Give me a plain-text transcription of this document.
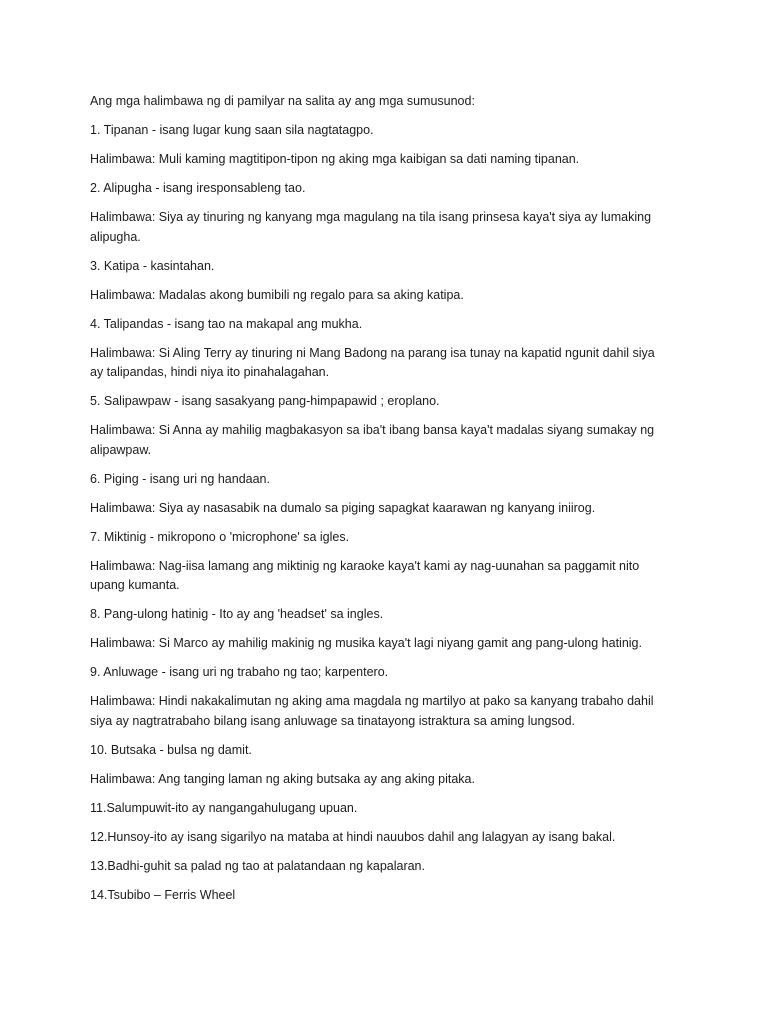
Ang mga halimbawa ng di pamilyar na salita ay ang mga sumusunod:

1. Tipanan - isang lugar kung saan sila nagtatagpo.

Halimbawa: Muli kaming magtitipon-tipon ng aking mga kaibigan sa dati naming tipanan.

2. Alipugha - isang iresponsableng tao.

Halimbawa: Siya ay tinuring ng kanyang mga magulang na tila isang prinsesa kaya't siya ay lumaking alipugha.

3. Katipa - kasintahan.

Halimbawa: Madalas akong bumibili ng regalo para sa aking katipa.

4. Talipandas - isang tao na makapal ang mukha.

Halimbawa: Si Aling Terry ay tinuring ni Mang Badong na parang isa tunay na kapatid ngunit dahil siya ay talipandas, hindi niya ito pinahalagahan.

5. Salipawpaw - isang sasakyang pang-himpapawid ; eroplano.

Halimbawa: Si Anna ay mahilig magbakasyon sa iba't ibang bansa kaya't madalas siyang sumakay ng alipawpaw.

6. Piging - isang uri ng handaan.

Halimbawa: Siya ay nasasabik na dumalo sa piging sapagkat kaarawan ng kanyang iniirog.

7. Miktinig - mikropono o 'microphone' sa igles.

Halimbawa: Nag-iisa lamang ang miktinig ng karaoke kaya't kami ay nag-uunahan sa paggamit nito upang kumanta.

8. Pang-ulong hatinig - Ito ay ang 'headset' sa ingles.

Halimbawa: Si Marco ay mahilig makinig ng musika kaya't lagi niyang gamit ang pang-ulong hatinig.

9. Anluwage - isang uri ng trabaho ng tao; karpentero.

Halimbawa: Hindi nakakalimutan ng aking ama magdala ng martilyo at pako sa kanyang trabaho dahil siya ay nagtratrabaho bilang isang anluwage sa tinatayong istraktura sa aming lungsod.

10. Butsaka - bulsa ng damit.

Halimbawa: Ang tanging laman ng aking butsaka ay ang aking pitaka.

11.Salumpuwit-ito ay nangangahulugang upuan.

12.Hunsoy-ito ay isang sigarilyo na mataba at hindi nauubos dahil ang lalagyan ay isang bakal.

13.Badhi-guhit sa palad ng tao at palatandaan ng kapalaran.

14.Tsubibo – Ferris Wheel
